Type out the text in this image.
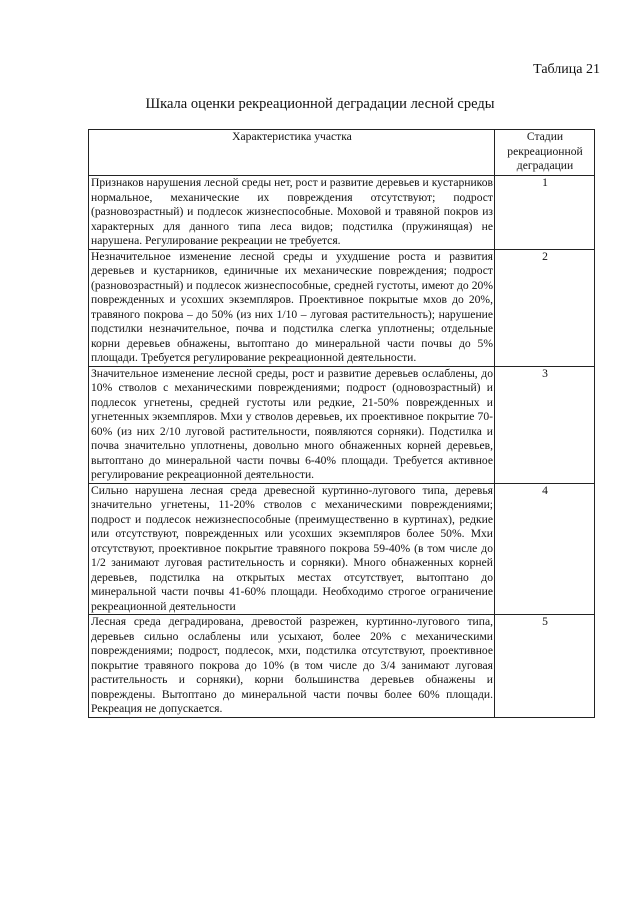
Таблица 21
Шкала оценки рекреационной деградации лесной среды
Характеристика участка	Стадии рекреационной деградации
Признаков нарушения лесной среды нет, рост и развитие деревьев и кустарников нормальное, механические их повреждения отсутствуют; подрост (разновозрастный) и подлесок жизнеспособные. Моховой и травяной покров из характерных для данного типа леса видов; подстилка (пружинящая) не нарушена. Регулирование рекреации не требуется.	1
Незначительное изменение лесной среды и ухудшение роста и развития деревьев и кустарников, единичные их механические повреждения; подрост (разновозрастный) и подлесок жизнеспособные, средней густоты, имеют до 20% поврежденных и усохших экземпляров. Проективное покрытые мхов до 20%, травяного покрова – до 50% (из них 1/10 – луговая растительность); нарушение подстилки незначительное, почва и подстилка слегка уплотнены; отдельные корни деревьев обнажены, вытоптано до минеральной части почвы до 5% площади. Требуется регулирование рекреационной деятельности.	2
Значительное изменение лесной среды, рост и развитие деревьев ослаблены, до 10% стволов с механическими повреждениями; подрост (одновозрастный) и подлесок угнетены, средней густоты или редкие, 21-50% поврежденных и угнетенных экземпляров. Мхи у стволов деревьев, их проективное покрытие 70-60% (из них 2/10 луговой растительности, появляются сорняки). Подстилка и почва значительно уплотнены, довольно много обнаженных корней деревьев, вытоптано до минеральной части почвы 6-40% площади. Требуется активное регулирование рекреационной деятельности.	3
Сильно нарушена лесная среда древесной куртинно-лугового типа, деревья значительно угнетены, 11-20% стволов с механическими повреждениями; подрост и подлесок нежизнеспособные (преимущественно в куртинах), редкие или отсутствуют, поврежденных или усохших экземпляров более 50%. Мхи отсутствуют, проективное покрытие травяного покрова 59-40% (в том числе до 1/2 занимают луговая растительность и сорняки). Много обнаженных корней деревьев, подстилка на открытых местах отсутствует, вытоптано до минеральной части почвы 41-60% площади. Необходимо строгое ограничение рекреационной деятельности	4
Лесная среда деградирована, древостой разрежен, куртинно-лугового типа, деревьев сильно ослаблены или усыхают, более 20% с механическими повреждениями; подрост, подлесок, мхи, подстилка отсутствуют, проективное покрытие травяного покрова до 10% (в том числе до 3/4 занимают луговая растительность и сорняки), корни большинства деревьев обнажены и повреждены. Вытоптано до минеральной части почвы более 60% площади. Рекреация не допускается.	5
